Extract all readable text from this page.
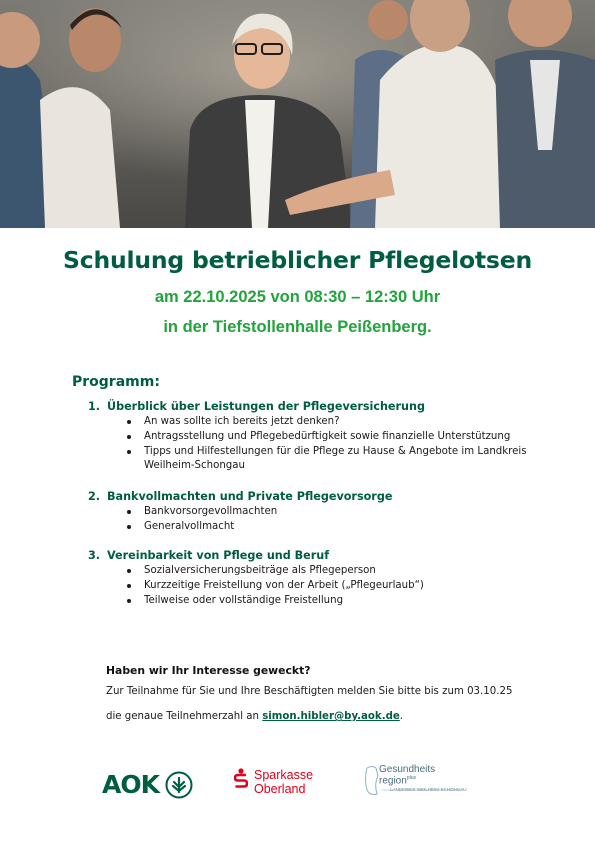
Schulung betrieblicher Pflegelotsen
am 22.10.2025 von 08:30 – 12:30 Uhr
in der Tiefstollenhalle Peißenberg.
Programm:
1. Überblick über Leistungen der Pflegeversicherung
An was sollte ich bereits jetzt denken?
Antragsstellung und Pflegebedürftigkeit sowie finanzielle Unterstützung
Tipps und Hilfestellungen für die Pflege zu Hause & Angebote im Landkreis
Weilheim-Schongau
2. Bankvollmachten und Private Pflegevorsorge
Bankvorsorgevollmachten
Generalvollmacht
3. Vereinbarkeit von Pflege und Beruf
Sozialversicherungsbeiträge als Pflegeperson
Kurzzeitige Freistellung von der Arbeit („Pflegeurlaub“)
Teilweise oder vollständige Freistellung
Haben wir Ihr Interesse geweckt?
Zur Teilnahme für Sie und Ihre Beschäftigten melden Sie bitte bis zum 03.10.25
die genaue Teilnehmerzahl an simon.hibler@by.aok.de.
AOK	Sparkasse
Oberland
Gesundheits
region$^{plus}$
LANDKREIS WEILHEIM-SCHONGAU
